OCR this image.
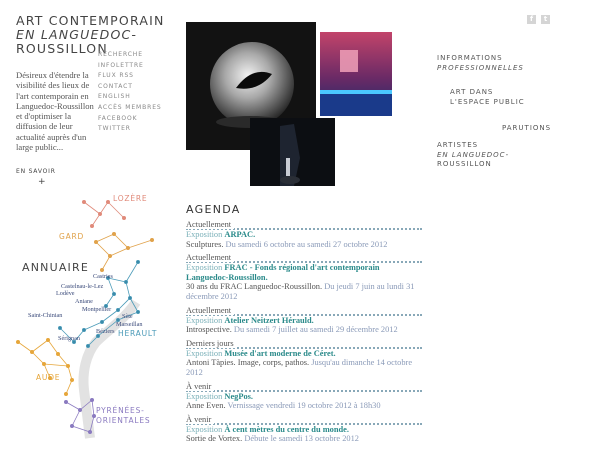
ART CONTEMPORAIN
EN LANGUEDOC-
ROUSSILLON
Désireux d'étendre la visibilité des lieux de l'art contemporain en Languedoc-Roussillon et d'optimiser la diffusion de leur actualité auprès d'un large public...
EN SAVOIR
+
RECHERCHE
INFOLETTRE
FLUX RSS
CONTACT
ENGLISH
ACCÈS MEMBRES
FACEBOOK
TWITTER
f	t
INFORMATIONS
PROFESSIONNELLES
ART DANS
L'ESPACE PUBLIC
PARUTIONS
ARTISTES
EN LANGUEDOC-
ROUSSILLON
LOZÈRE
GARD
HERAULT
AUDE
PYRÉNÉES-
ORIENTALES
Castries
Castelnau-le-Lez
Lodève
Aniane
Montpellier
Saint-Chinian	Sète
Marseillan
Béziers
Sérignan
ANNUAIRE
AGENDA
Actuellement
Exposition ARPAC.
Sculptures. Du samedi 6 octobre au samedi 27 octobre 2012
Actuellement
Exposition FRAC - Fonds régional d'art contemporain Languedoc-Roussillon.
30 ans du FRAC Languedoc-Roussillon. Du jeudi 7 juin au lundi 31 décembre 2012
Actuellement
Exposition Atelier Neitzert Hérauld.
Introspective. Du samedi 7 juillet au samedi 29 décembre 2012
Derniers jours
Exposition Musée d'art moderne de Céret.
Antoni Tàpies. Image, corps, pathos. Jusqu'au dimanche 14 octobre 2012
À venir
Exposition NegPos.
Anne Even. Vernissage vendredi 19 octobre 2012 à 18h30
À venir
Exposition À cent mètres du centre du monde.
Sortie de Vortex. Débute le samedi 13 octobre 2012
